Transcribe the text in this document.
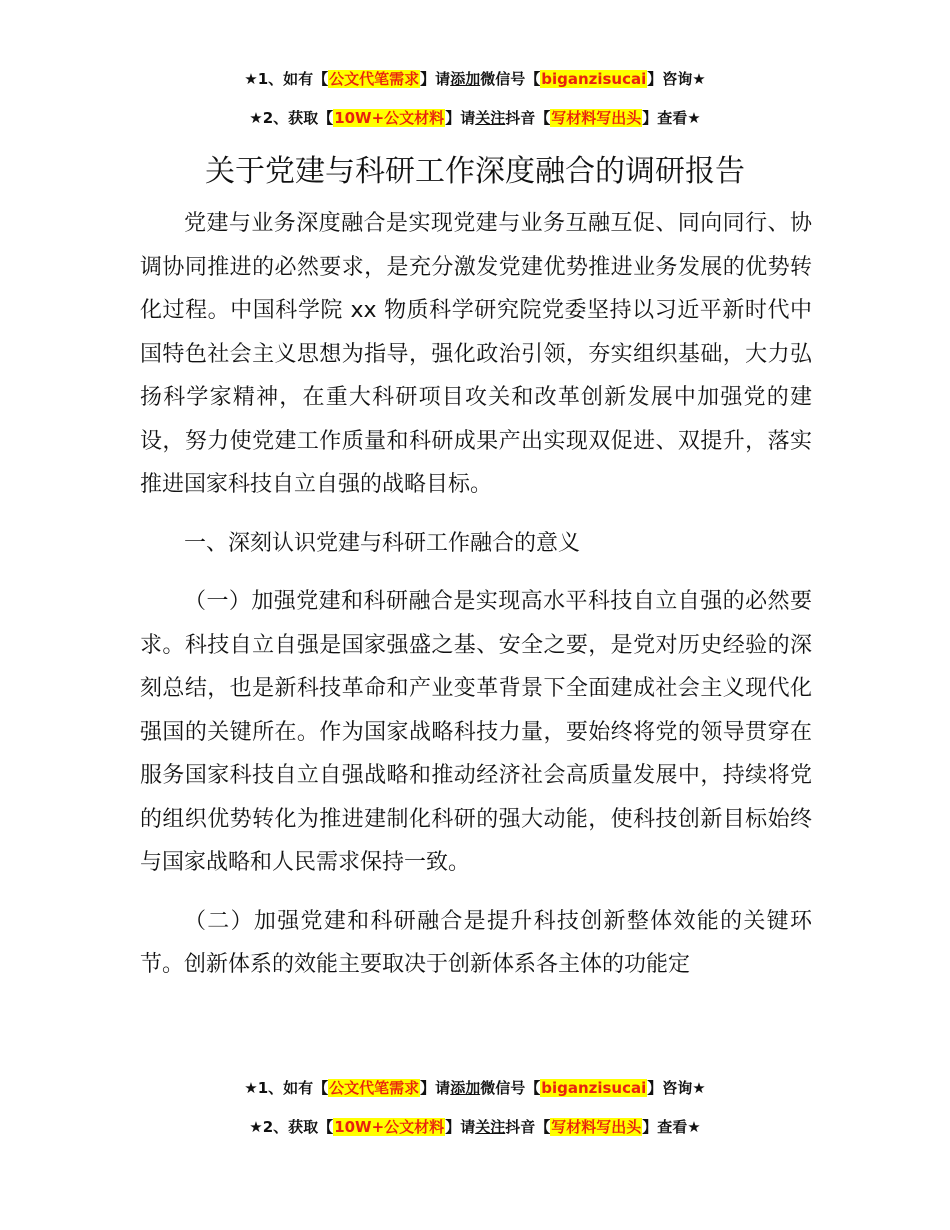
★1、如有【公文代笔需求】请添加微信号【biganzisucai】咨询★
★2、获取【10W+公文材料】请关注抖音【写材料写出头】查看★
关于党建与科研工作深度融合的调研报告

党建与业务深度融合是实现党建与业务互融互促、同向同行、协调协同推进的必然要求，是充分激发党建优势推进业务发展的优势转化过程。中国科学院 xx 物质科学研究院党委坚持以习近平新时代中国特色社会主义思想为指导，强化政治引领，夯实组织基础，大力弘扬科学家精神，在重大科研项目攻关和改革创新发展中加强党的建设，努力使党建工作质量和科研成果产出实现双促进、双提升，落实推进国家科技自立自强的战略目标。

一、深刻认识党建与科研工作融合的意义

（一）加强党建和科研融合是实现高水平科技自立自强的必然要求。科技自立自强是国家强盛之基、安全之要，是党对历史经验的深刻总结，也是新科技革命和产业变革背景下全面建成社会主义现代化强国的关键所在。作为国家战略科技力量，要始终将党的领导贯穿在服务国家科技自立自强战略和推动经济社会高质量发展中，持续将党的组织优势转化为推进建制化科研的强大动能，使科技创新目标始终与国家战略和人民需求保持一致。

（二）加强党建和科研融合是提升科技创新整体效能的关键环节。创新体系的效能主要取决于创新体系各主体的功能定

★1、如有【公文代笔需求】请添加微信号【biganzisucai】咨询★
★2、获取【10W+公文材料】请关注抖音【写材料写出头】查看★
